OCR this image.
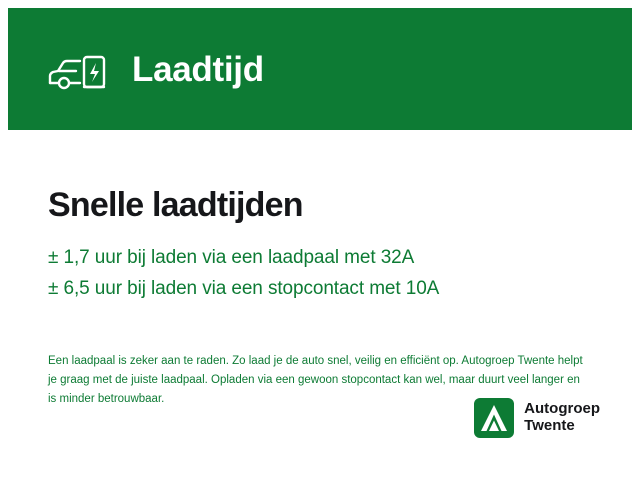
Laadtijd
Snelle laadtijden
± 1,7 uur bij laden via een laadpaal met 32A
± 6,5 uur bij laden via een stopcontact met 10A
Een laadpaal is zeker aan te raden. Zo laad je de auto snel, veilig en efficiënt op. Autogroep Twente helpt je graag met de juiste laadpaal. Opladen via een gewoon stopcontact kan wel, maar duurt veel langer en is minder betrouwbaar.
Autogroep
Twente
